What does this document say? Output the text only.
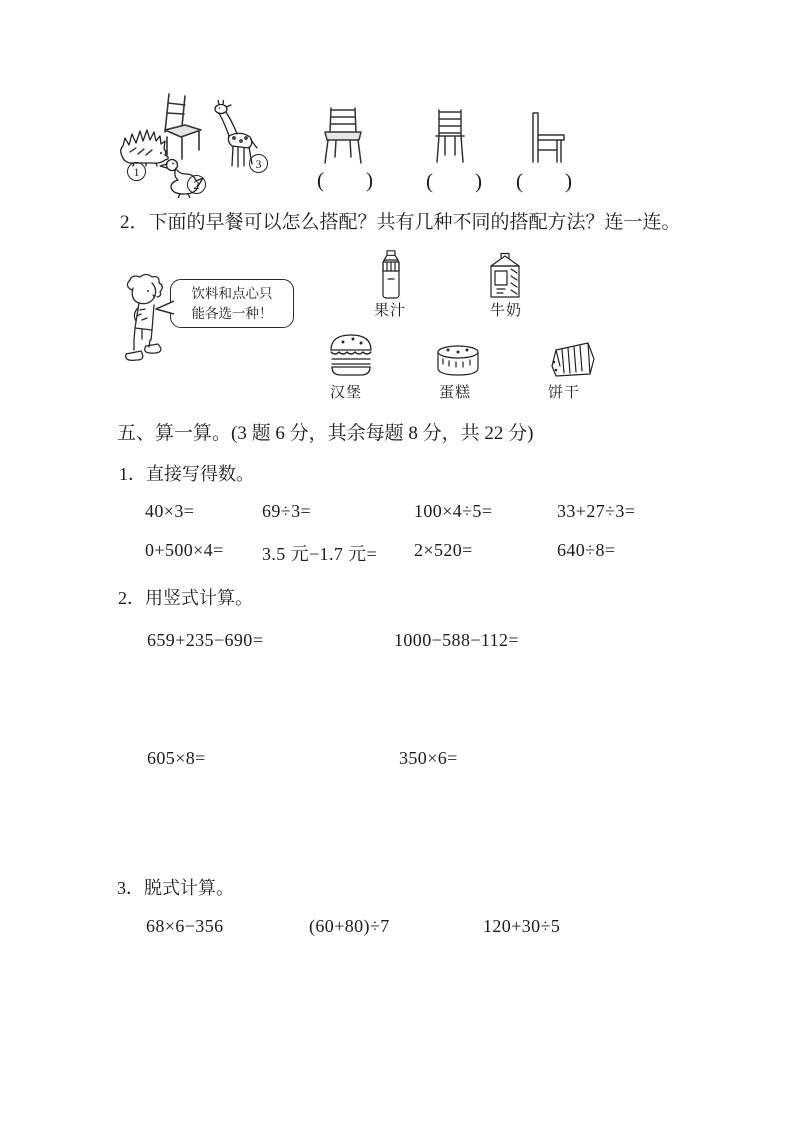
1
2
3
(        )	(        ) (        )
2．下面的早餐可以怎么搭配？共有几种不同的搭配方法？连一连。
饮料和点心只
能各选一种！	果汁	牛奶
汉堡	蛋糕	饼干
五、算一算。(3 题 6 分，其余每题 8 分，共 22 分)
1．直接写得数。
40×3=	69÷3=	100×4÷5=	33+27÷3=
0+500×4= 3.5 元−1.7 元= 2×520=	640÷8=
2．用竖式计算。
659+235−690=	1000−588−112=
605×8=	350×6=
3．脱式计算。
68×6−356	(60+80)÷7	120+30÷5
